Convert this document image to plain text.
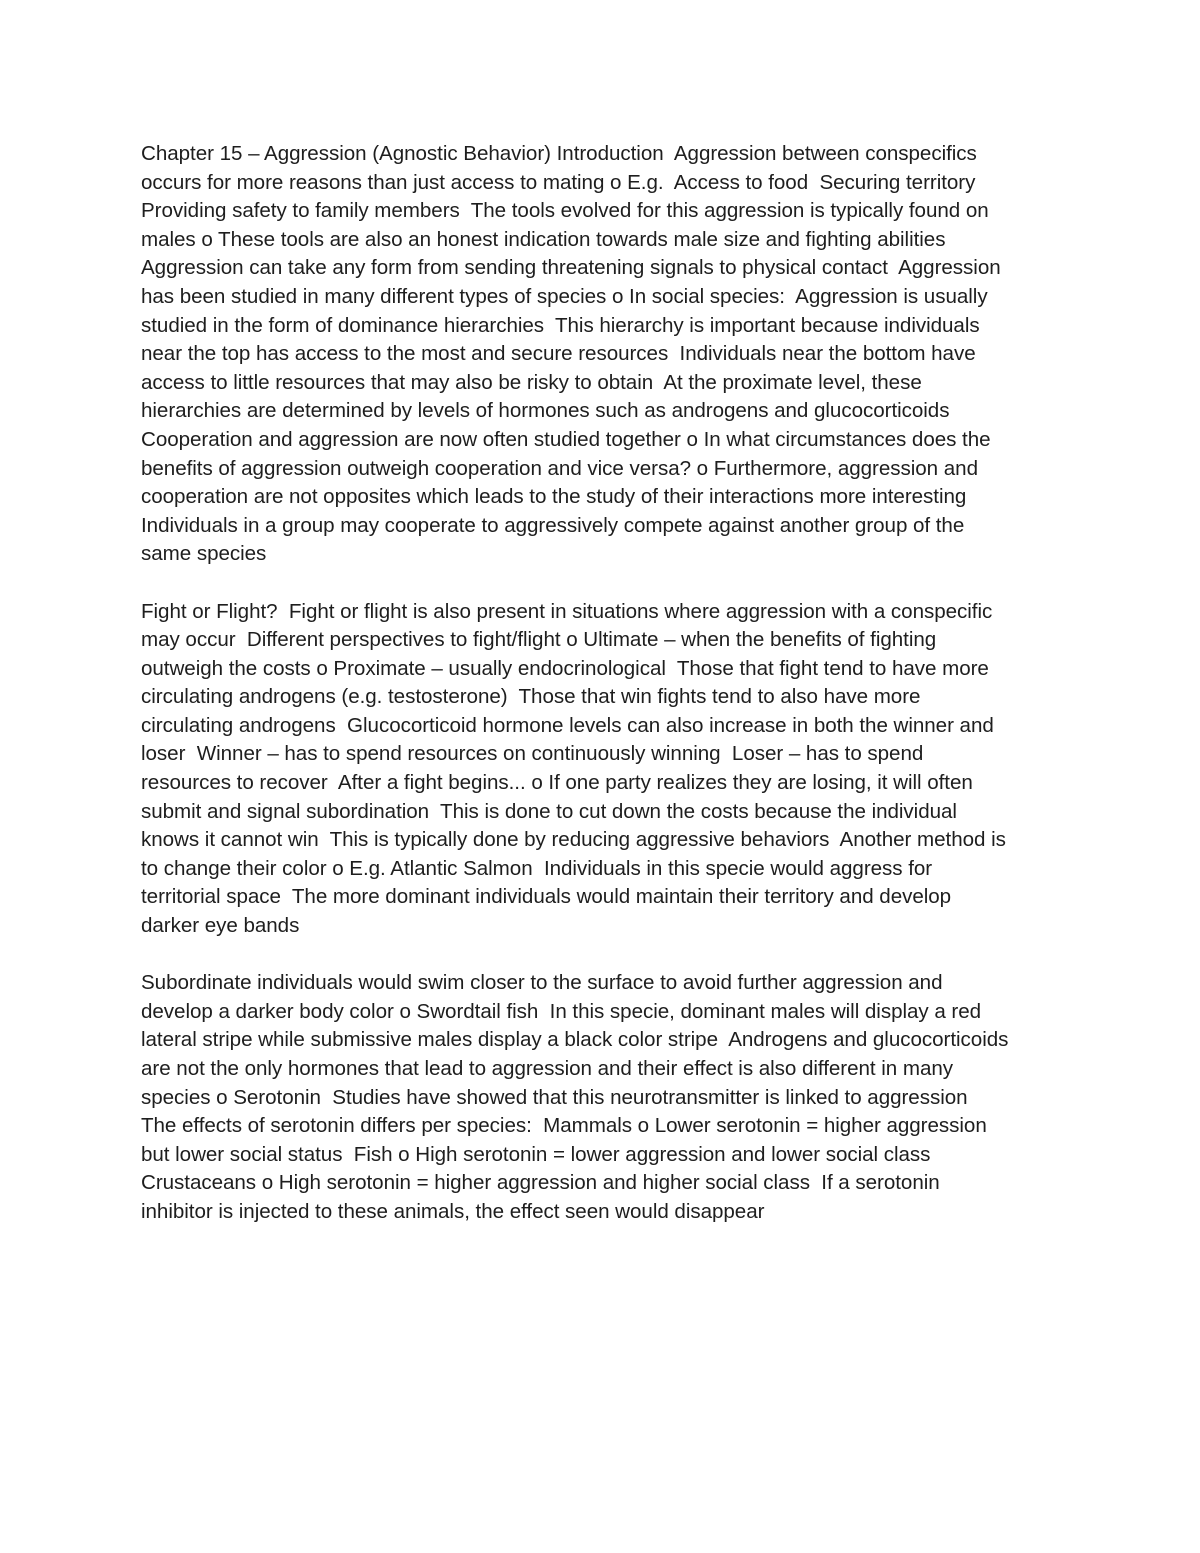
Chapter 15 – Aggression (Agnostic Behavior) Introduction  Aggression between conspecifics
occurs for more reasons than just access to mating o E.g.  Access to food  Securing territory
Providing safety to family members  The tools evolved for this aggression is typically found on
males o These tools are also an honest indication towards male size and fighting abilities
Aggression can take any form from sending threatening signals to physical contact  Aggression
has been studied in many different types of species o In social species:  Aggression is usually
studied in the form of dominance hierarchies  This hierarchy is important because individuals
near the top has access to the most and secure resources  Individuals near the bottom have
access to little resources that may also be risky to obtain  At the proximate level, these
hierarchies are determined by levels of hormones such as androgens and glucocorticoids
Cooperation and aggression are now often studied together o In what circumstances does the
benefits of aggression outweigh cooperation and vice versa? o Furthermore, aggression and
cooperation are not opposites which leads to the study of their interactions more interesting
Individuals in a group may cooperate to aggressively compete against another group of the
same species
Fight or Flight?  Fight or flight is also present in situations where aggression with a conspecific
may occur  Different perspectives to fight/flight o Ultimate – when the benefits of fighting
outweigh the costs o Proximate – usually endocrinological  Those that fight tend to have more
circulating androgens (e.g. testosterone)  Those that win fights tend to also have more
circulating androgens  Glucocorticoid hormone levels can also increase in both the winner and
loser  Winner – has to spend resources on continuously winning  Loser – has to spend
resources to recover  After a fight begins... o If one party realizes they are losing, it will often
submit and signal subordination  This is done to cut down the costs because the individual
knows it cannot win  This is typically done by reducing aggressive behaviors  Another method is
to change their color o E.g. Atlantic Salmon  Individuals in this specie would aggress for
territorial space  The more dominant individuals would maintain their territory and develop
darker eye bands
Subordinate individuals would swim closer to the surface to avoid further aggression and
develop a darker body color o Swordtail fish  In this specie, dominant males will display a red
lateral stripe while submissive males display a black color stripe  Androgens and glucocorticoids
are not the only hormones that lead to aggression and their effect is also different in many
species o Serotonin  Studies have showed that this neurotransmitter is linked to aggression
The effects of serotonin differs per species:  Mammals o Lower serotonin = higher aggression
but lower social status  Fish o High serotonin = lower aggression and lower social class
Crustaceans o High serotonin = higher aggression and higher social class  If a serotonin
inhibitor is injected to these animals, the effect seen would disappear
